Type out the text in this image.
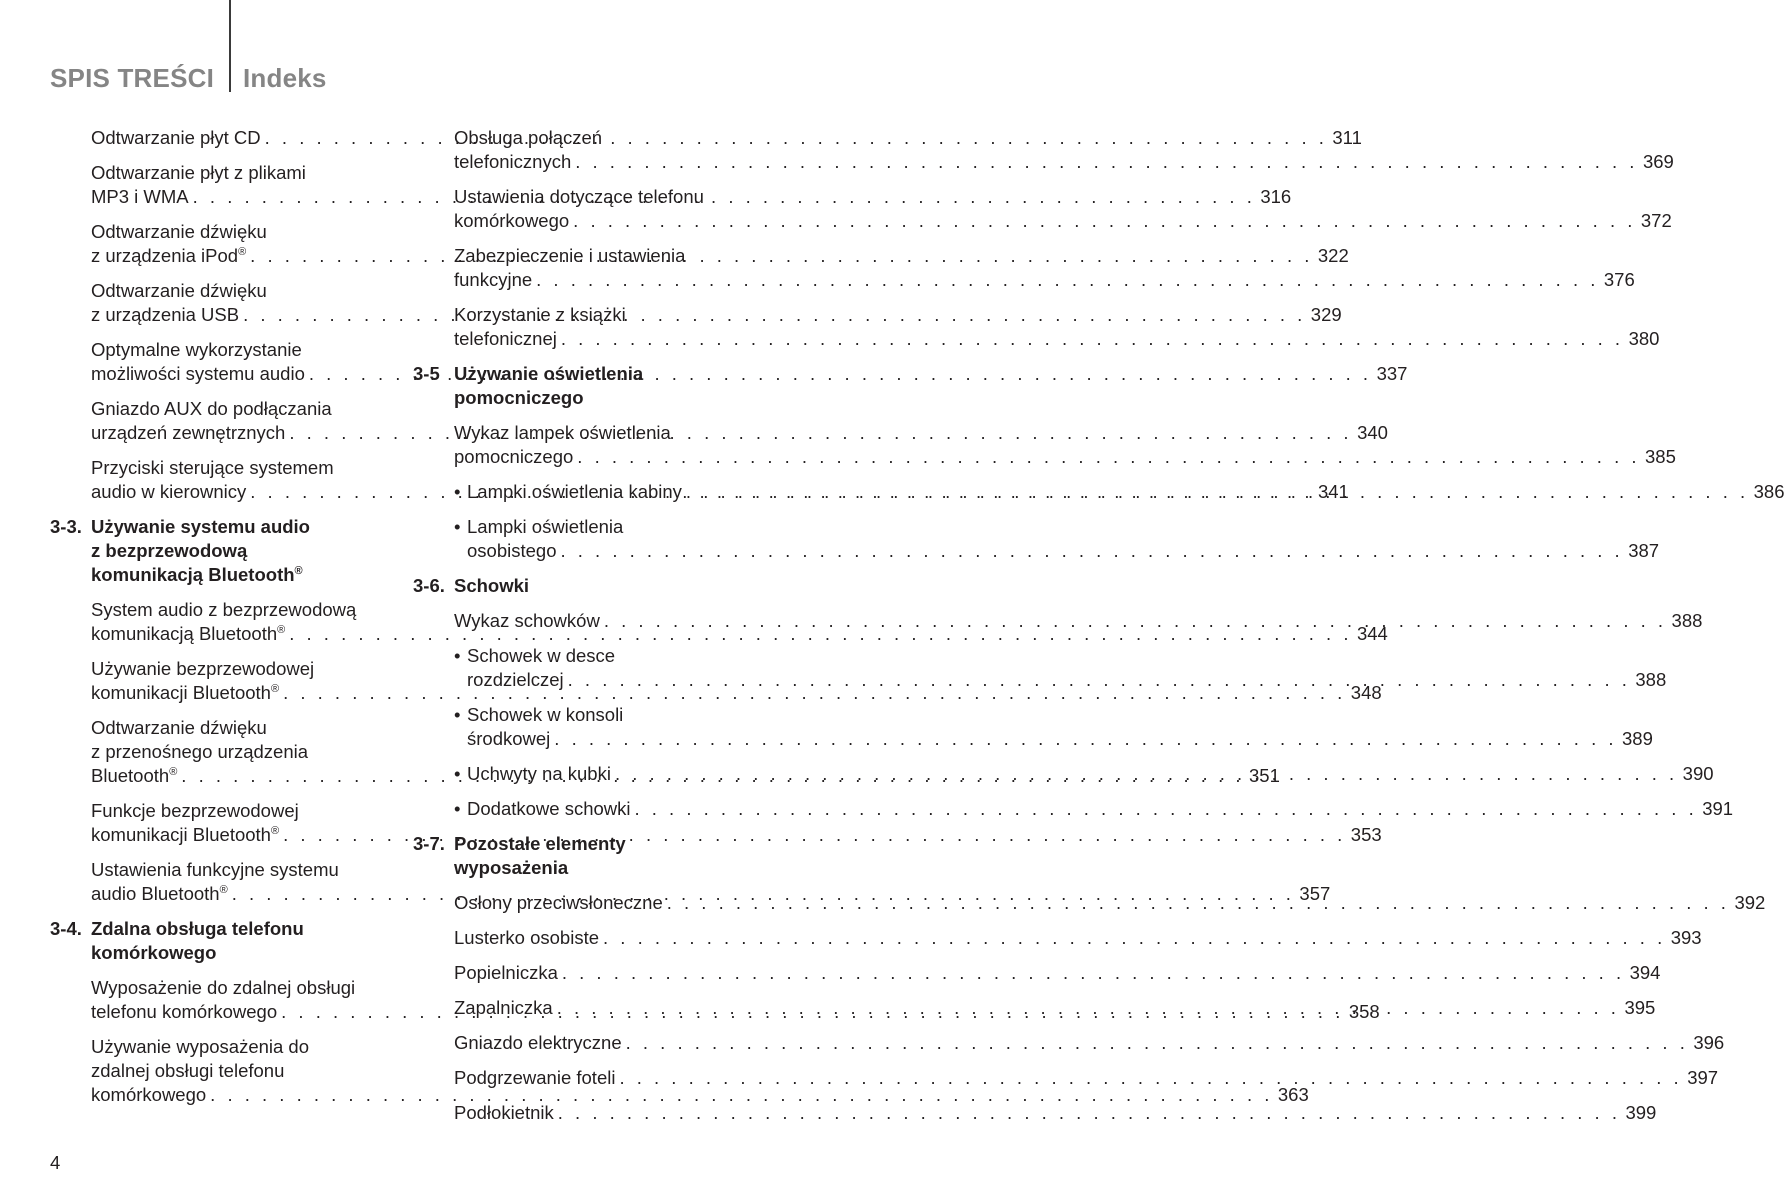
SPIS TREŚCI Indeks
Odtwarzanie płyt CD . . .	311
Odtwarzanie płyt z plikami
MP3 i WMA . . .	316
Odtwarzanie dźwięku
z urządzenia iPod® . . .	322
Odtwarzanie dźwięku
z urządzenia USB . . .	329
Optymalne wykorzystanie
możliwości systemu audio . . .	337
Gniazdo AUX do podłączania
urządzeń zewnętrznych . . .	340
Przyciski sterujące systemem
audio w kierownicy . . .	341
3-3. Używanie systemu audio
z bezprzewodową
komunikacją Bluetooth®
System audio z bezprzewodową
komunikacją Bluetooth® . . .	344
Używanie bezprzewodowej
komunikacji Bluetooth® . . .	348
Odtwarzanie dźwięku
z przenośnego urządzenia
Bluetooth® . . .	351
Funkcje bezprzewodowej
komunikacji Bluetooth® . . .	353
Ustawienia funkcyjne systemu
audio Bluetooth® . . .	357
3-4. Zdalna obsługa telefonu
komórkowego
Wyposażenie do zdalnej obsługi
telefonu komórkowego . . .	358
Używanie wyposażenia do
zdalnej obsługi telefonu
komórkowego . . .	363
Obsługa połączeń
telefonicznych . . .	369
Ustawienia dotyczące telefonu
komórkowego . . .	372
Zabezpieczenie i ustawienia
funkcyjne . . .	376
Korzystanie z książki
telefonicznej . . .	380
3-5 Używanie oświetlenia
pomocniczego
Wykaz lampek oświetlenia
pomocniczego . . .	385
• Lampki oświetlenia kabiny . . .	386
• Lampki oświetlenia
osobistego . . .	387
3-6. Schowki
Wykaz schowków . . .	388
• Schowek w desce
rozdzielczej . . .	388
• Schowek w konsoli
środkowej . . .	389
• Uchwyty na kubki . . .	390
• Dodatkowe schowki . . .	391
3-7. Pozostałe elementy
wyposażenia
Osłony przeciwsłoneczne . . .	392
Lusterko osobiste . . .	393
Popielniczka . . .	394
Zapalniczka . . .	395
Gniazdo elektryczne . . .	396
Podgrzewanie foteli . . .	397
Podłokietnik . . .	399
4
